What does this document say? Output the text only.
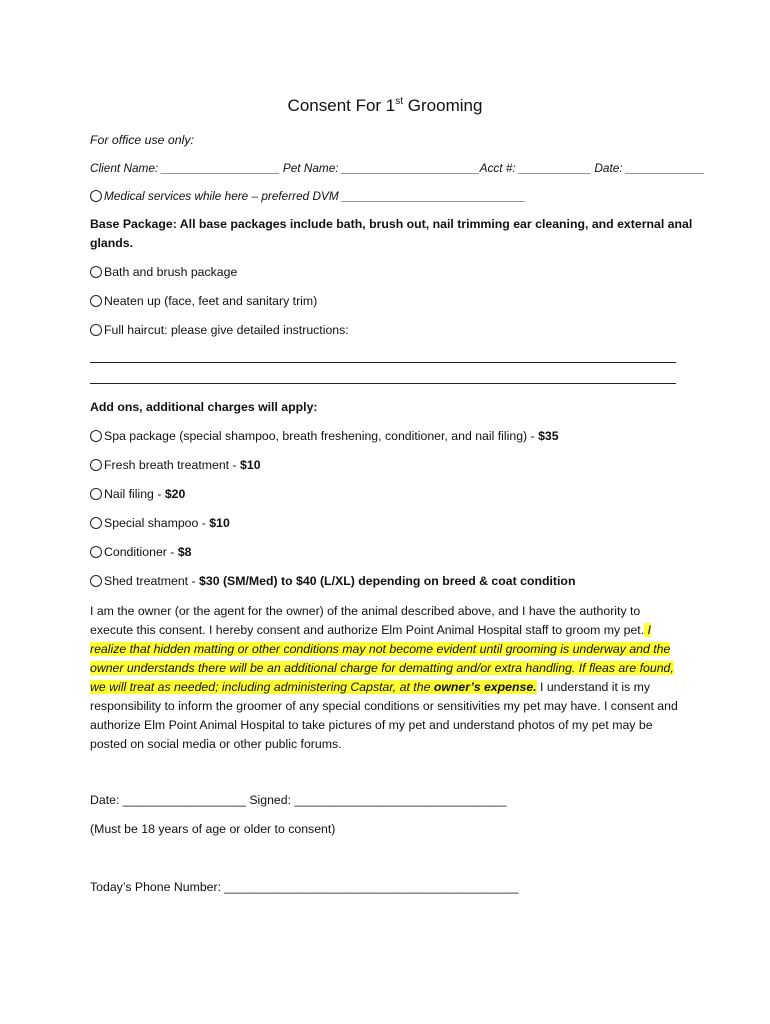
Consent For 1st Grooming
For office use only:
Client Name: __________________ Pet Name: _____________________Acct #: ___________ Date: ____________
Medical services while here – preferred DVM ____________________________
Base Package: All base packages include bath, brush out, nail trimming ear cleaning, and external anal
glands.
Bath and brush package
Neaten up (face, feet and sanitary trim)
Full haircut: please give detailed instructions:
Add ons, additional charges will apply:
Spa package (special shampoo, breath freshening, conditioner, and nail filing) - $35
Fresh breath treatment - $10
Nail filing - $20
Special shampoo - $10
Conditioner - $8
Shed treatment - $30 (SM/Med) to $40 (L/XL) depending on breed & coat condition
I am the owner (or the agent for the owner) of the animal described above, and I have the authority to execute this consent. I hereby consent and authorize Elm Point Animal Hospital staff to groom my pet. I realize that hidden matting or other conditions may not become evident until grooming is underway and the owner understands there will be an additional charge for dematting and/or extra handling. If fleas are found, we will treat as needed; including administering Capstar, at the owner’s expense. I understand it is my responsibility to inform the groomer of any special conditions or sensitivities my pet may have. I consent and authorize Elm Point Animal Hospital to take pictures of my pet and understand photos of my pet may be posted on social media or other public forums.
Date: __________________ Signed: _______________________________
(Must be 18 years of age or older to consent)
Today’s Phone Number: ___________________________________________
